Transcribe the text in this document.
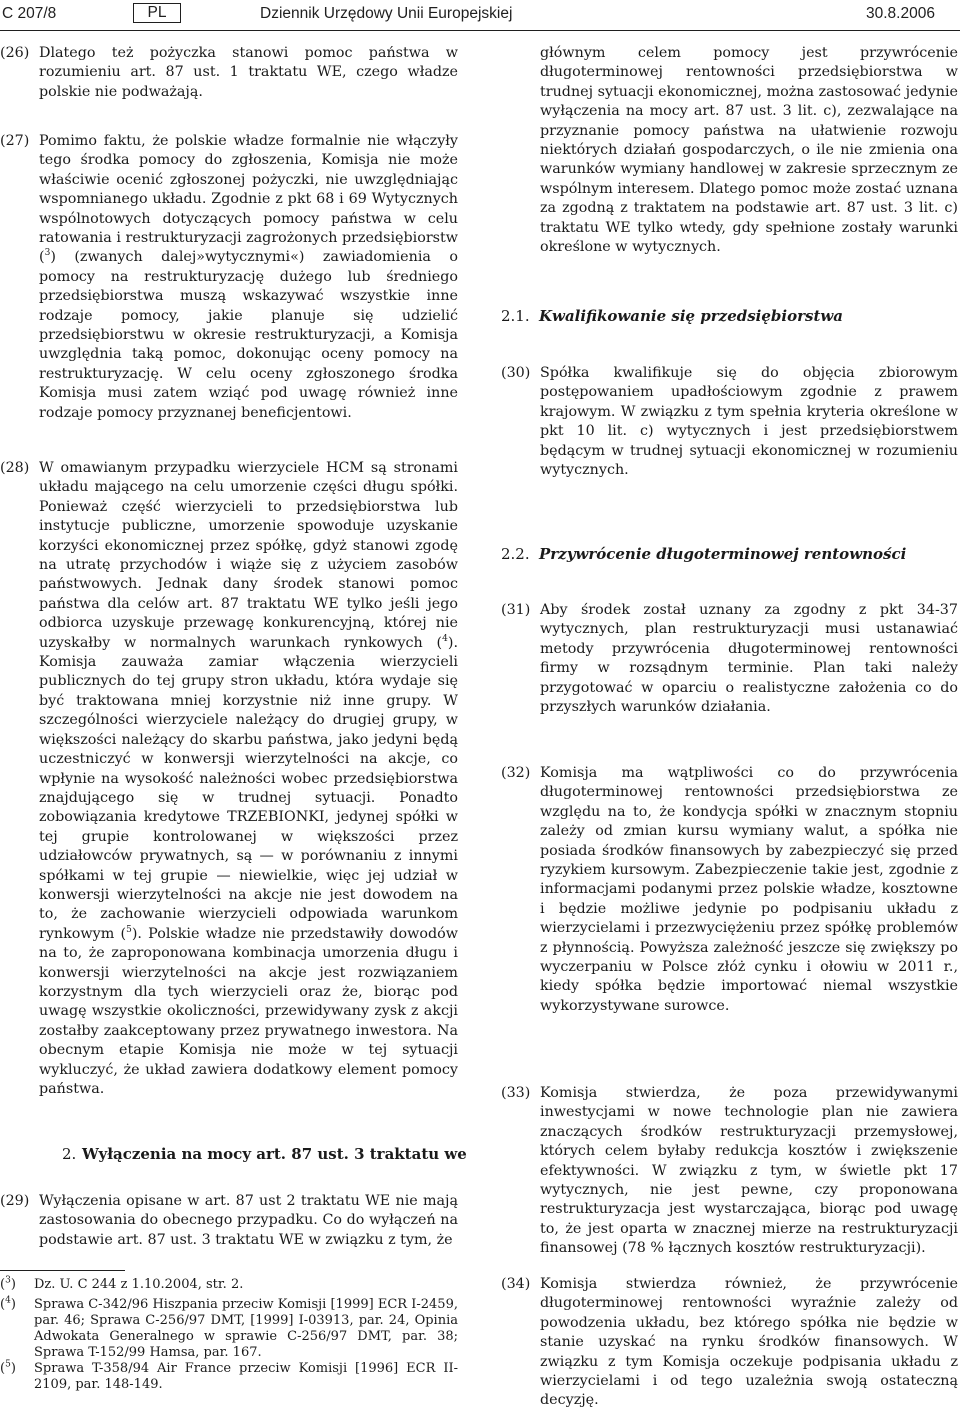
C 207/8	PL	Dziennik Urzędowy Unii Europejskiej	30.8.2006

(26) Dlatego też pożyczka stanowi pomoc państwa w rozumieniu art. 87 ust. 1 traktatu WE, czego władze polskie nie podważają.

(27) Pomimo faktu, że polskie władze formalnie nie włączyły tego środka pomocy do zgłoszenia, Komisja nie może właściwie ocenić zgłoszonej pożyczki, nie uwzględniając wspomnianego układu. Zgodnie z pkt 68 i 69 Wytycznych wspólnotowych dotyczących pomocy państwa w celu ratowania i restrukturyzacji zagrożonych przedsiębiorstw ($^3$) (zwanych dalej»wytycznymi«) zawiadomienia o pomocy na restrukturyzację dużego lub średniego przedsiębiorstwa muszą wskazywać wszystkie inne rodzaje pomocy, jakie planuje się udzielić przedsiębiorstwu w okresie restrukturyzacji, a Komisja uwzględnia taką pomoc, dokonując oceny pomocy na restrukturyzację. W celu oceny zgłoszonego środka Komisja musi zatem wziąć pod uwagę również inne rodzaje pomocy przyznanej beneficjentowi.

(28) W omawianym przypadku wierzyciele HCM są stronami układu mającego na celu umorzenie części długu spółki. Ponieważ część wierzycieli to przedsiębiorstwa lub instytucje publiczne, umorzenie spowoduje uzyskanie korzyści ekonomicznej przez spółkę, gdyż stanowi zgodę na utratę przychodów i wiąże się z użyciem zasobów państwowych. Jednak dany środek stanowi pomoc państwa dla celów art. 87 traktatu WE tylko jeśli jego odbiorca uzyskuje przewagę konkurencyjną, której nie uzyskałby w normalnych warunkach rynkowych ($^4$). Komisja zauważa zamiar włączenia wierzycieli publicznych do tej grupy stron układu, która wydaje się być traktowana mniej korzystnie niż inne grupy. W szczególności wierzyciele należący do drugiej grupy, w większości należący do skarbu państwa, jako jedyni będą uczestniczyć w konwersji wierzytelności na akcje, co wpłynie na wysokość należności wobec przedsiębiorstwa znajdującego się w trudnej sytuacji. Ponadto zobowiązania kredytowe TRZEBIONKI, jedynej spółki w tej grupie kontrolowanej w większości przez udziałowców prywatnych, są — w porównaniu z innymi spółkami w tej grupie — niewielkie, więc jej udział w konwersji wierzytelności na akcje nie jest dowodem na to, że zachowanie wierzycieli odpowiada warunkom rynkowym ($^5$). Polskie władze nie przedstawiły dowodów na to, że zaproponowana kombinacja umorzenia długu i konwersji wierzytelności na akcje jest rozwiązaniem korzystnym dla tych wierzycieli oraz że, biorąc pod uwagę wszystkie okoliczności, przewidywany zysk z akcji zostałby zaakceptowany przez prywatnego inwestora. Na obecnym etapie Komisja nie może w tej sytuacji wykluczyć, że układ zawiera dodatkowy element pomocy państwa.

2. Wyłączenia na mocy art. 87 ust. 3 traktatu we

(29) Wyłączenia opisane w art. 87 ust 2 traktatu WE nie mają zastosowania do obecnego przypadku. Co do wyłączeń na podstawie art. 87 ust. 3 traktatu WE w związku z tym, że

($^3$) Dz. U. C 244 z 1.10.2004, str. 2.
($^4$) Sprawa C-342/96 Hiszpania przeciw Komisji [1999] ECR I-2459, par. 46; Sprawa C-256/97 DMT, [1999] I-03913, par. 24, Opinia Adwokata Generalnego w sprawie C-256/97 DMT, par. 38; Sprawa T-152/99 Hamsa, par. 167.
($^5$) Sprawa T-358/94 Air France przeciw Komisji [1996] ECR II-2109, par. 148-149.

głównym celem pomocy jest przywrócenie długoterminowej rentowności przedsiębiorstwa w trudnej sytuacji ekonomicznej, można zastosować jedynie wyłączenia na mocy art. 87 ust. 3 lit. c), zezwalające na przyznanie pomocy państwa na ułatwienie rozwoju niektórych działań gospodarczych, o ile nie zmienia ona warunków wymiany handlowej w zakresie sprzecznym ze wspólnym interesem. Dlatego pomoc może zostać uznana za zgodną z traktatem na podstawie art. 87 ust. 3 lit. c) traktatu WE tylko wtedy, gdy spełnione zostały warunki określone w wytycznych.

2.1. Kwalifikowanie się przedsiębiorstwa

(30) Spółka kwalifikuje się do objęcia zbiorowym postępowaniem upadłościowym zgodnie z prawem krajowym. W związku z tym spełnia kryteria określone w pkt 10 lit. c) wytycznych i jest przedsiębiorstwem będącym w trudnej sytuacji ekonomicznej w rozumieniu wytycznych.

2.2. Przywrócenie długoterminowej rentowności

(31) Aby środek został uznany za zgodny z pkt 34-37 wytycznych, plan restrukturyzacji musi ustanawiać metody przywrócenia długoterminowej rentowności firmy w rozsądnym terminie. Plan taki należy przygotować w oparciu o realistyczne założenia co do przyszłych warunków działania.

(32) Komisja ma wątpliwości co do przywrócenia długoterminowej rentowności przedsiębiorstwa ze względu na to, że kondycja spółki w znacznym stopniu zależy od zmian kursu wymiany walut, a spółka nie posiada środków finansowych by zabezpieczyć się przed ryzykiem kursowym. Zabezpieczenie takie jest, zgodnie z informacjami podanymi przez polskie władze, kosztowne i będzie możliwe jedynie po podpisaniu układu z wierzycielami i przezwyciężeniu przez spółkę problemów z płynnością. Powyższa zależność jeszcze się zwiększy po wyczerpaniu w Polsce złóż cynku i ołowiu w 2011 r., kiedy spółka będzie importować niemal wszystkie wykorzystywane surowce.

(33) Komisja stwierdza, że poza przewidywanymi inwestycjami w nowe technologie plan nie zawiera znaczących środków restrukturyzacji przemysłowej, których celem byłaby redukcja kosztów i zwiększenie efektywności. W związku z tym, w świetle pkt 17 wytycznych, nie jest pewne, czy proponowana restrukturyzacja jest wystarczająca, biorąc pod uwagę to, że jest oparta w znacznej mierze na restrukturyzacji finansowej (78 % łącznych kosztów restrukturyzacji).

(34) Komisja stwierdza również, że przywrócenie długoterminowej rentowności wyraźnie zależy od powodzenia układu, bez którego spółka nie będzie w stanie uzyskać na rynku środków finansowych. W związku z tym Komisja oczekuje podpisania układu z wierzycielami i od tego uzależnia swoją ostateczną decyzję.
